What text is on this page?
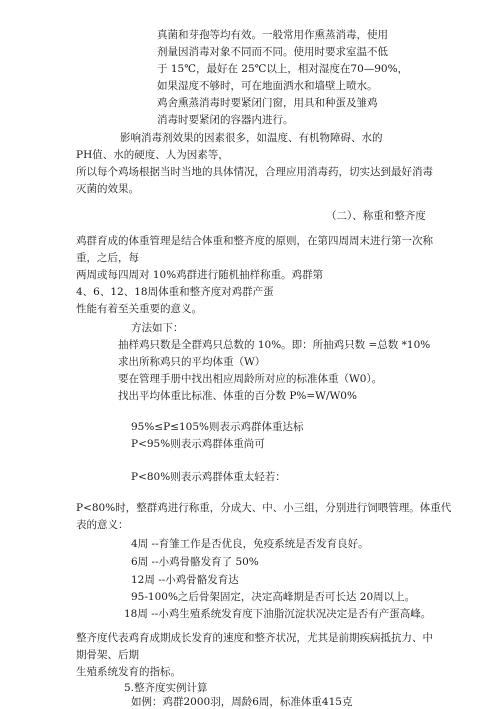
真菌和芽孢等均有效。一般常用作熏蒸消毒，使用
剂量因消毒对象不同而不同。使用时要求室温不低
于 15℃，最好在 25℃以上，相对湿度在70—90%，
如果湿度不够时，可在地面洒水和墙壁上喷水。
鸡舍熏蒸消毒时要紧闭门窗，用具和种蛋及雏鸡
消毒时要紧闭的容器内进行。
影响消毒剂效果的因素很多，如温度、有机物障碍、水的
PH值、水的硬度、人为因素等，
所以每个鸡场根据当时当地的具体情况，合理应用消毒药，切实达到最好消毒
灭菌的效果。
（二）、称重和整齐度
鸡群育成的体重管理是结合体重和整齐度的原则，在第四周周末进行第一次称
重，之后，每
两周或每四周对 10%鸡群进行随机抽样称重。鸡群第
4、6、12、18周体重和整齐度对鸡群产蛋
性能有着至关重要的意义。
方法如下：
抽样鸡只数是全群鸡只总数的 10%。即：所抽鸡只数 =总数 *10%
求出所称鸡只的平均体重（W）
要在管理手册中找出相应周龄所对应的标准体重（W0）。
找出平均体重比标准、体重的百分数 P%=W/W0%
95%≤P≤105%则表示鸡群体重达标
P<95%则表示鸡群体重尚可
P<80%则表示鸡群体重太轻若：
P<80%时，整群鸡进行称重，分成大、中、小三组，分别进行饲喂管理。体重代
表的意义：
4周 --育雏工作是否优良，免疫系统是否发育良好。
6周 --小鸡骨骼发育了 50%
12周 --小鸡骨骼发育达
95-100%之后骨架固定，决定高峰期是否可长达 20周以上。
18周 --小鸡生殖系统发育度下油脂沉淀状况决定是否有产蛋高峰。
整齐度代表鸡育成期成长发育的速度和整齐状况，尤其是前期疾病抵抗力、中
期骨架、后期
生殖系统发育的指标。
5.整齐度实例计算
如例：鸡群2000羽，周龄6周，标准体重415克
